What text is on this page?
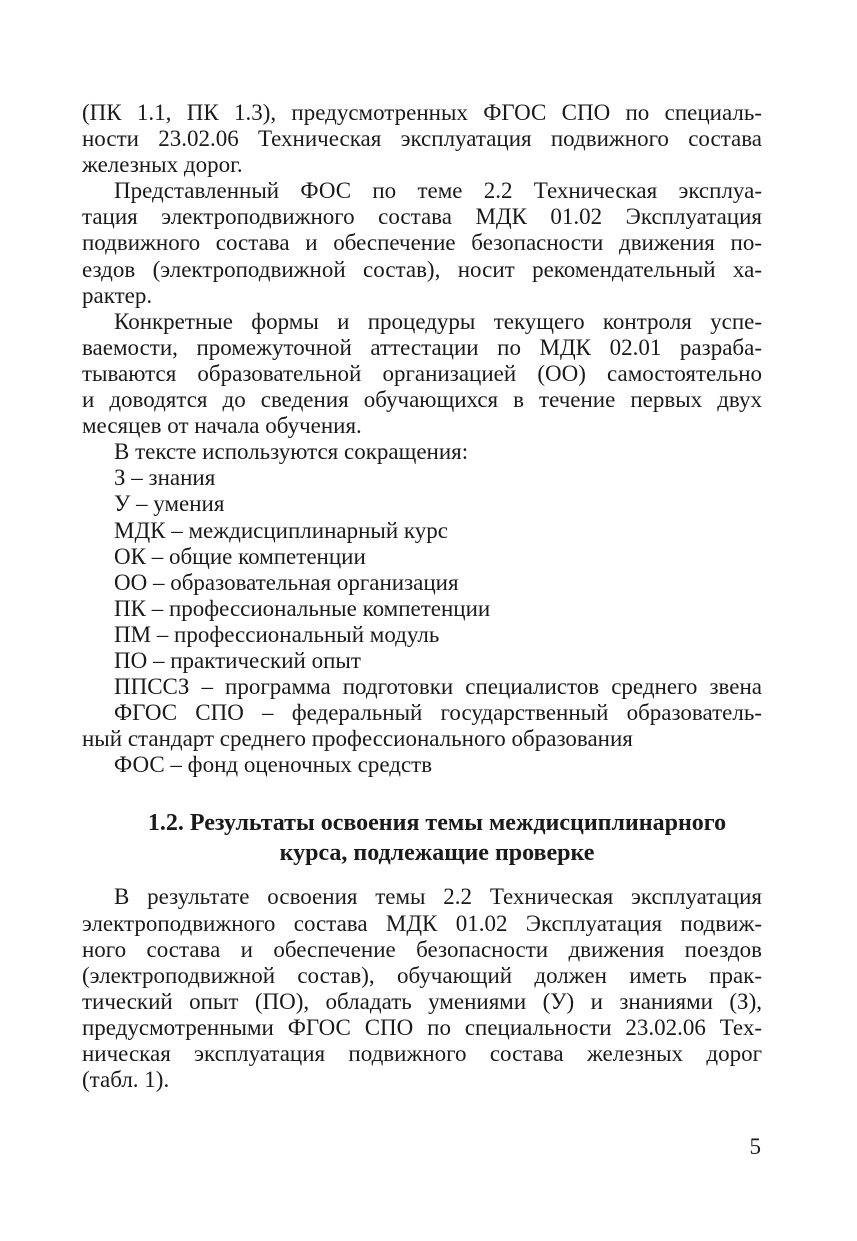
(ПК 1.1, ПК 1.3), предусмотренных ФГОС СПО по специаль-
ности 23.02.06 Техническая эксплуатация подвижного состава
железных дорог.
Представленный ФОС по теме 2.2 Техническая эксплуа-
тация электроподвижного состава МДК 01.02 Эксплуатация
подвижного состава и обеспечение безопасности движения по-
ездов (электроподвижной состав), носит рекомендательный ха-
рактер.
Конкретные формы и процедуры текущего контроля успе-
ваемости, промежуточной аттестации по МДК 02.01 разраба-
тываются образовательной организацией (ОО) самостоятельно
и доводятся до сведения обучающихся в течение первых двух
месяцев от начала обучения.
В тексте используются сокращения:
З – знания
У – умения
МДК – междисциплинарный курс
ОК – общие компетенции
ОО – образовательная организация
ПК – профессиональные компетенции
ПМ – профессиональный модуль
ПО – практический опыт
ППССЗ – программа подготовки специалистов среднего звена
ФГОС СПО – федеральный государственный образователь-
ный стандарт среднего профессионального образования
ФОС – фонд оценочных средств
1.2. Результаты освоения темы междисциплинарного
курса, подлежащие проверке
В результате освоения темы 2.2 Техническая эксплуатация
электроподвижного состава МДК 01.02 Эксплуатация подвиж-
ного состава и обеспечение безопасности движения поездов
(электроподвижной состав), обучающий должен иметь прак-
тический опыт (ПО), обладать умениями (У) и знаниями (З),
предусмотренными ФГОС СПО по специальности 23.02.06 Тех-
ническая эксплуатация подвижного состава железных дорог
(табл. 1).
5
